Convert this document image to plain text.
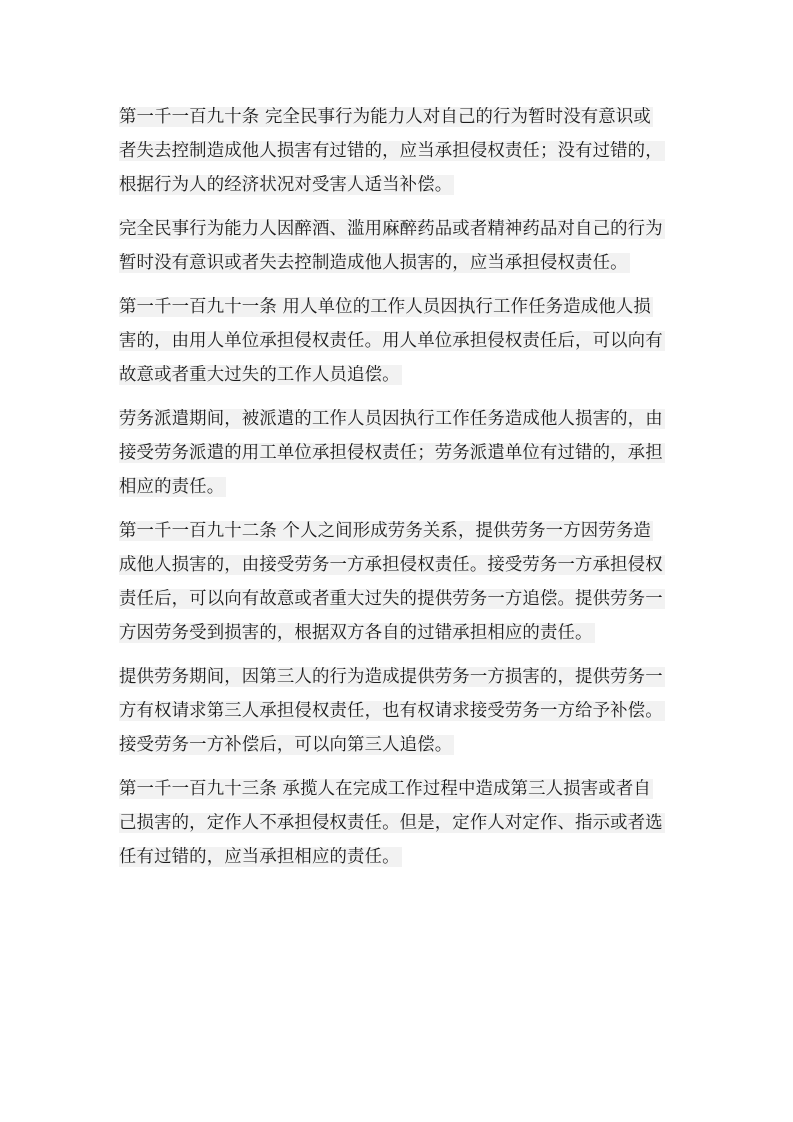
第一千一百九十条 完全民事行为能力人对自己的行为暂时没有意识或
者失去控制造成他人损害有过错的，应当承担侵权责任；没有过错的，
根据行为人的经济状况对受害人适当补偿。

完全民事行为能力人因醉酒、滥用麻醉药品或者精神药品对自己的行为
暂时没有意识或者失去控制造成他人损害的，应当承担侵权责任。

第一千一百九十一条 用人单位的工作人员因执行工作任务造成他人损
害的，由用人单位承担侵权责任。用人单位承担侵权责任后，可以向有
故意或者重大过失的工作人员追偿。

劳务派遣期间，被派遣的工作人员因执行工作任务造成他人损害的，由
接受劳务派遣的用工单位承担侵权责任；劳务派遣单位有过错的，承担
相应的责任。

第一千一百九十二条 个人之间形成劳务关系，提供劳务一方因劳务造
成他人损害的，由接受劳务一方承担侵权责任。接受劳务一方承担侵权
责任后，可以向有故意或者重大过失的提供劳务一方追偿。提供劳务一
方因劳务受到损害的，根据双方各自的过错承担相应的责任。

提供劳务期间，因第三人的行为造成提供劳务一方损害的，提供劳务一
方有权请求第三人承担侵权责任，也有权请求接受劳务一方给予补偿。
接受劳务一方补偿后，可以向第三人追偿。

第一千一百九十三条 承揽人在完成工作过程中造成第三人损害或者自
己损害的，定作人不承担侵权责任。但是，定作人对定作、指示或者选
任有过错的，应当承担相应的责任。
